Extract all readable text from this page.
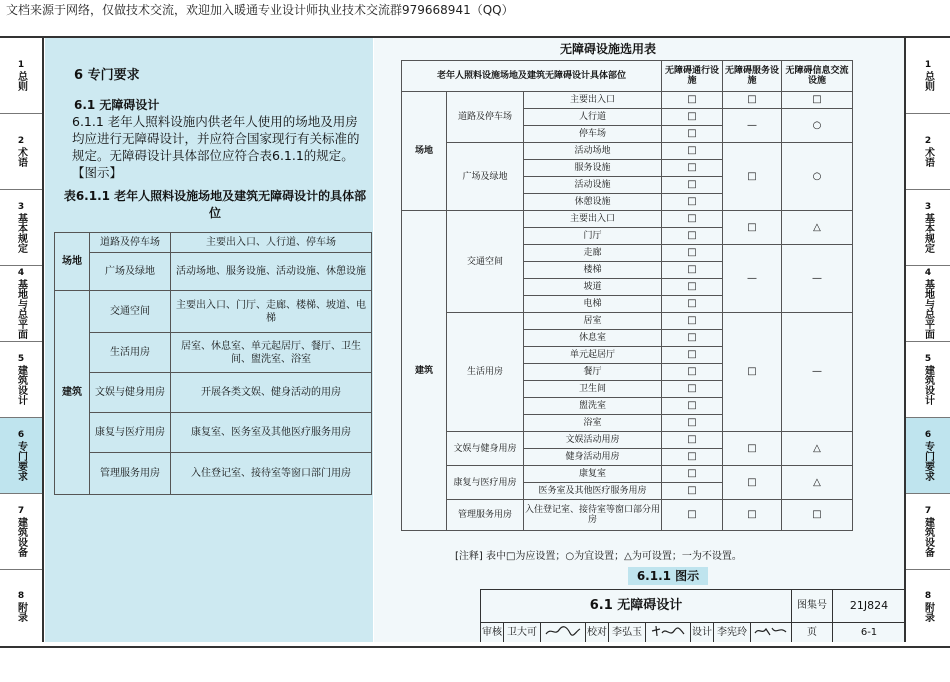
文档来源于网络，仅做技术交流，欢迎加入暖通专业设计师执业技术交流群979668941（QQ）
1
总则
2
术语
3
基本规定
4
基地与总平面
5
建筑设计
6
专门要求
7
建筑设备
8
附录
1
总则
2
术语
3
基本规定
4
基地与总平面
5
建筑设计
6
专门要求
7
建筑设备
8
附录
6 专门要求
6.1 无障碍设计
6.1.1 老年人照料设施内供老年人使用的场地及用房均应进行无障碍设计，并应符合国家现行有关标准的规定。无障碍设计具体部位应符合表6.1.1的规定。【图示】
表6.1.1 老年人照料设施场地及建筑无障碍设计的具体部位
场地	道路及停车场	主要出入口、人行道、停车场
	广场及绿地	活动场地、服务设施、活动设施、休憩设施
建筑	交通空间	主要出入口、门厅、走廊、楼梯、坡道、电梯
	生活用房	居室、休息室、单元起居厅、餐厅、卫生间、盥洗室、浴室
	文娱与健身用房	开展各类文娱、健身活动的用房
	康复与医疗用房	康复室、医务室及其他医疗服务用房
	管理服务用房	入住登记室、接待室等窗口部门用房
无障碍设施选用表
老年人照料设施场地及建筑无障碍设计具体部位			无障碍通行设施	无障碍服务设施	无障碍信息交流设施
场地	道路及停车场	主要出入口	□	□	□
		人行道	□	—	○
		停车场	□		
	广场及绿地	活动场地	□	□	○
		服务设施	□		
		活动设施	□		
		休憩设施	□		
建筑	交通空间	主要出入口	□	□	△
		门厅	□		
		走廊	□	—	—
		楼梯	□		
		坡道	□		
		电梯	□		
	生活用房	居室	□	□	—
		休息室	□		
		单元起居厅	□		
		餐厅	□		
		卫生间	□		
		盥洗室	□		
		浴室	□		
	文娱与健身用房	文娱活动用房	□	□	△
		健身活动用房	□		
	康复与医疗用房	康复室	□	□	△
		医务室及其他医疗服务用房	□		
	管理服务用房	入住登记室、接待室等窗口部分用房	□	□	□
[注释] 表中□为应设置；○为宜设置；△为可设置；一为不设置。
6.1.1 图示
6.1 无障碍设计	图集号	21J824
审核 卫大可	校对 李弘玉	设计 李宪玲	页	6-1
